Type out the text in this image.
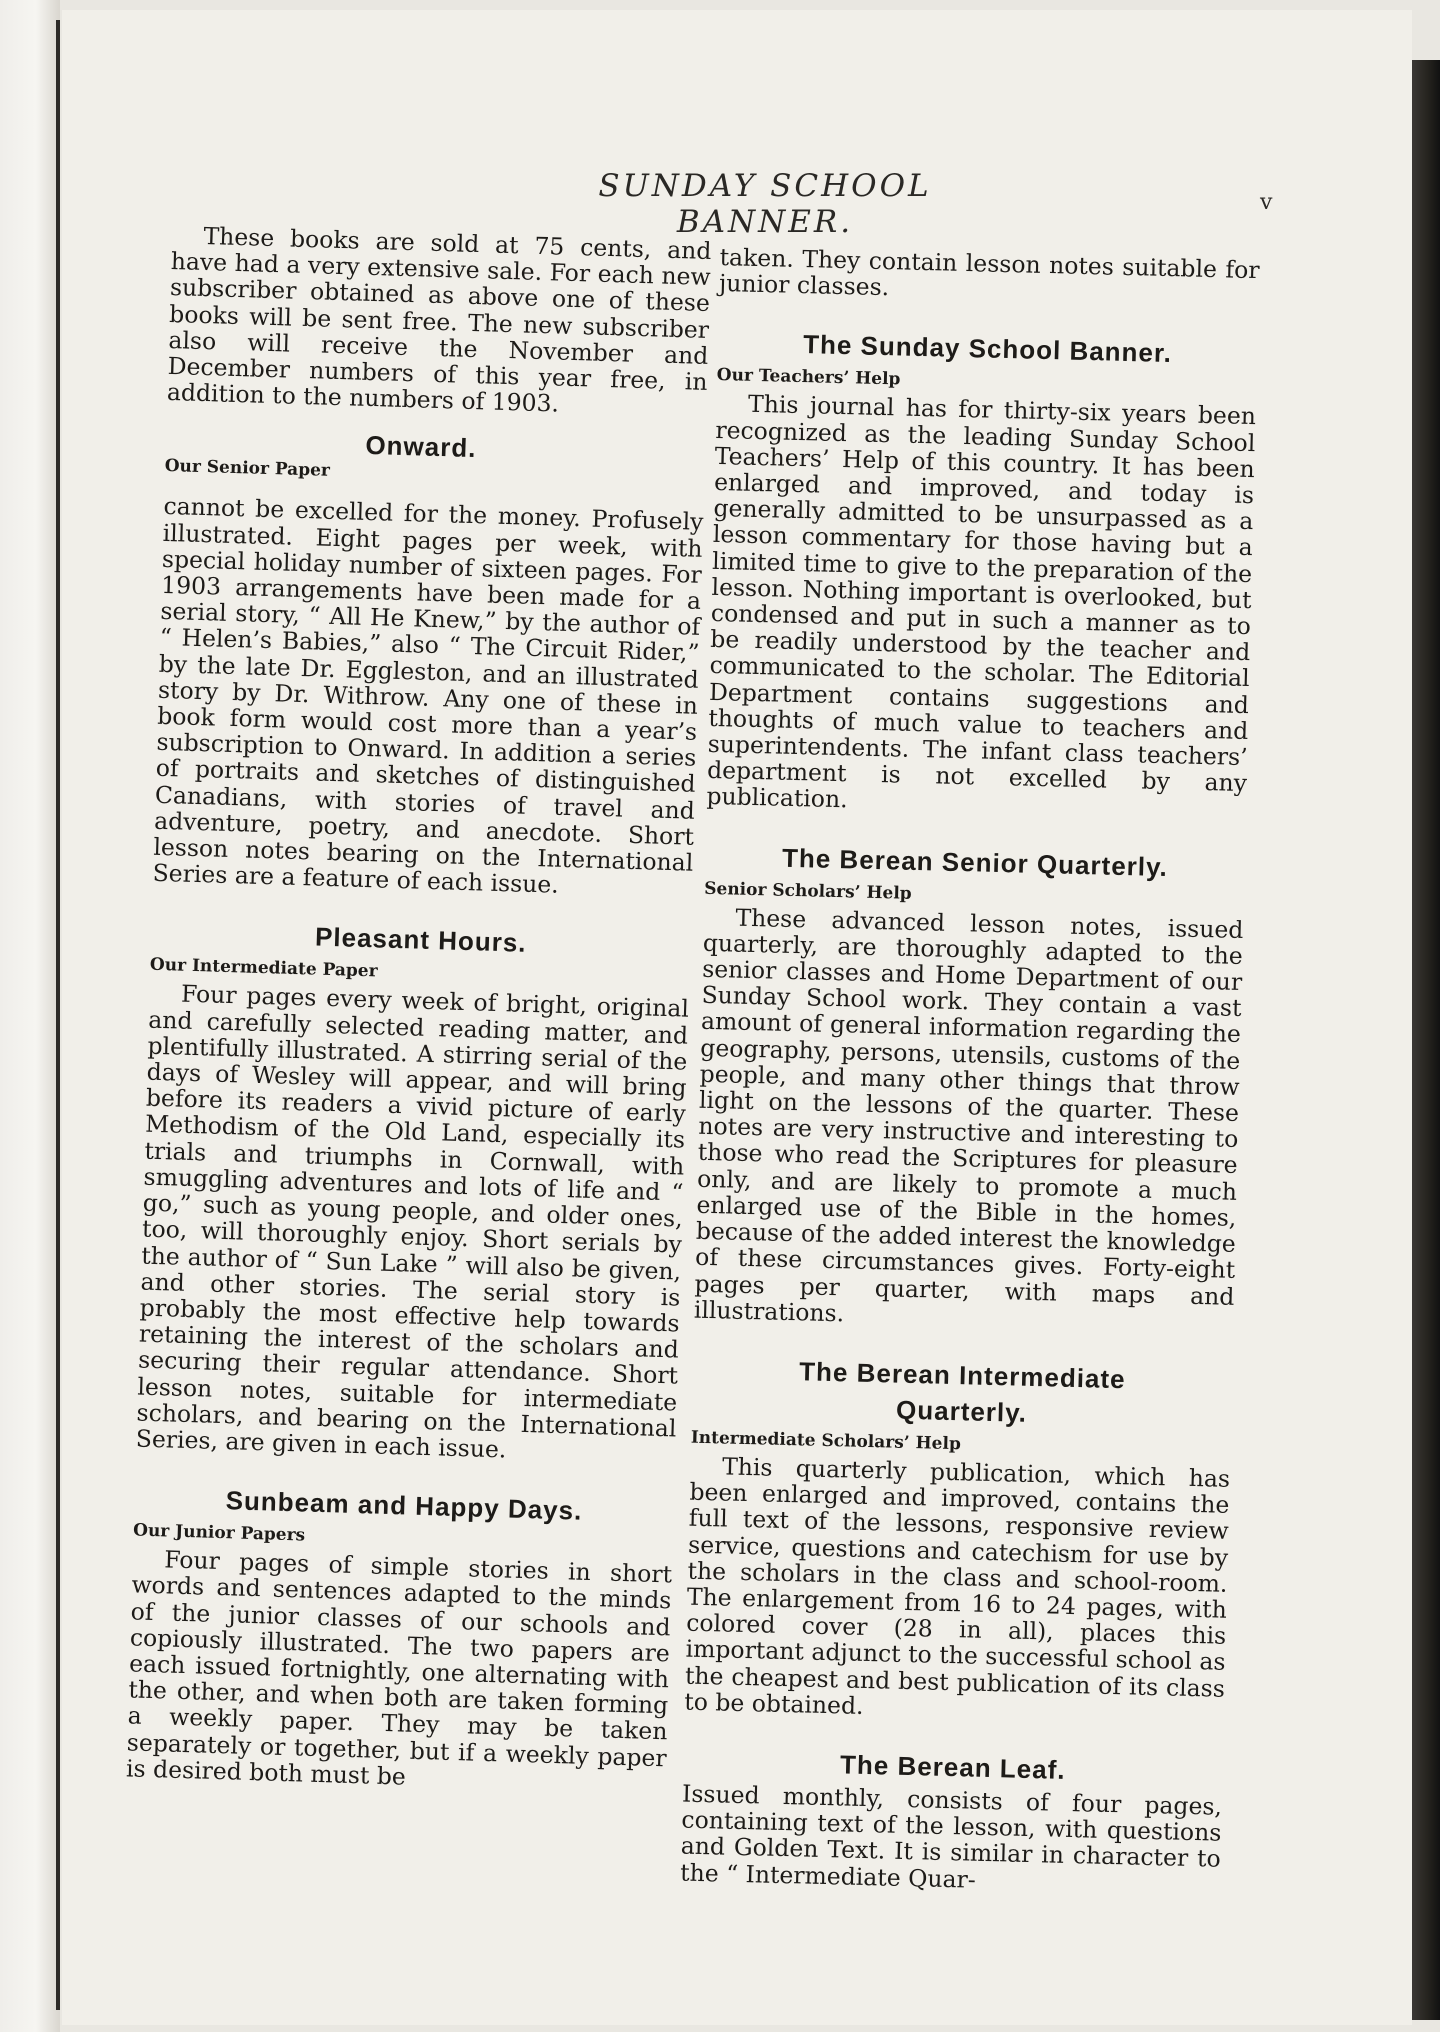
SUNDAY SCHOOL BANNER.
v

These books are sold at 75 cents, and have had a very extensive sale. For each new subscriber obtained as above one of these books will be sent free. The new subscriber also will receive the November and December numbers of this year free, in addition to the numbers of 1903.

Onward.
Our Senior Paper

cannot be excelled for the money. Profusely illustrated. Eight pages per week, with special holiday number of sixteen pages. For 1903 arrangements have been made for a serial story, “ All He Knew,” by the author of “ Helen’s Babies,” also “ The Circuit Rider,” by the late Dr. Eggleston, and an illustrated story by Dr. Withrow. Any one of these in book form would cost more than a year’s subscription to Onward. In addition a series of portraits and sketches of distinguished Canadians, with stories of travel and adventure, poetry, and anecdote. Short lesson notes bearing on the International Series are a feature of each issue.

Pleasant Hours.
Our Intermediate Paper

Four pages every week of bright, original and carefully selected reading matter, and plentifully illustrated. A stirring serial of the days of Wesley will appear, and will bring before its readers a vivid picture of early Methodism of the Old Land, especially its trials and triumphs in Cornwall, with smuggling adventures and lots of life and “ go,” such as young people, and older ones, too, will thoroughly enjoy. Short serials by the author of “ Sun Lake ” will also be given, and other stories. The serial story is probably the most effective help towards retaining the interest of the scholars and securing their regular attendance. Short lesson notes, suitable for intermediate scholars, and bearing on the International Series, are given in each issue.

Sunbeam and Happy Days.
Our Junior Papers

Four pages of simple stories in short words and sentences adapted to the minds of the junior classes of our schools and copiously illustrated. The two papers are each issued fortnightly, one alternating with the other, and when both are taken forming a weekly paper. They may be taken separately or together, but if a weekly paper is desired both must be

taken. They contain lesson notes suitable for junior classes.

The Sunday School Banner.
Our Teachers’ Help

This journal has for thirty-six years been recognized as the leading Sunday School Teachers’ Help of this country. It has been enlarged and improved, and today is generally admitted to be unsurpassed as a lesson commentary for those having but a limited time to give to the preparation of the lesson. Nothing important is overlooked, but condensed and put in such a manner as to be readily understood by the teacher and communicated to the scholar. The Editorial Department contains suggestions and thoughts of much value to teachers and superintendents. The infant class teachers’ department is not excelled by any publication.

The Berean Senior Quarterly.
Senior Scholars’ Help

These advanced lesson notes, issued quarterly, are thoroughly adapted to the senior classes and Home Department of our Sunday School work. They contain a vast amount of general information regarding the geography, persons, utensils, customs of the people, and many other things that throw light on the lessons of the quarter. These notes are very instructive and interesting to those who read the Scriptures for pleasure only, and are likely to promote a much enlarged use of the Bible in the homes, because of the added interest the knowledge of these circumstances gives. Forty-eight pages per quarter, with maps and illustrations.

The Berean Intermediate
Quarterly.
Intermediate Scholars’ Help

This quarterly publication, which has been enlarged and improved, contains the full text of the lessons, responsive review service, questions and catechism for use by the scholars in the class and school-room. The enlargement from 16 to 24 pages, with colored cover (28 in all), places this important adjunct to the successful school as the cheapest and best publication of its class to be obtained.

The Berean Leaf.

Issued monthly, consists of four pages, containing text of the lesson, with questions and Golden Text. It is similar in character to the “ Intermediate Quar-
